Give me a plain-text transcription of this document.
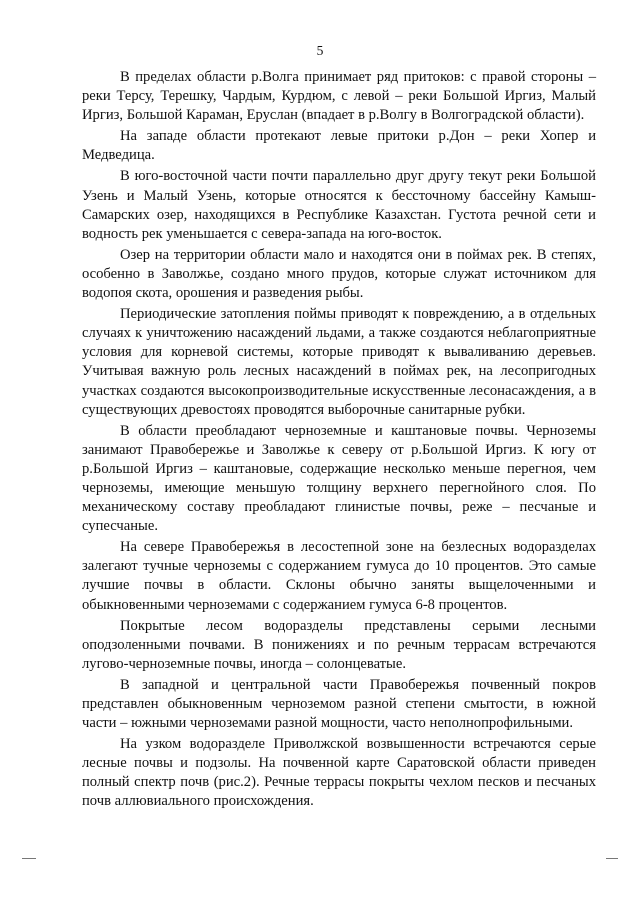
5

В пределах области р.Волга принимает ряд притоков: с правой стороны – реки Терсу, Терешку, Чардым, Курдюм, с левой – реки Большой Иргиз, Малый Иргиз, Большой Караман, Еруслан (впадает в р.Волгу в Волгоградской области).

На западе области протекают левые притоки р.Дон – реки Хопер и Медведица.

В юго-восточной части почти параллельно друг другу текут реки Большой Узень и Малый Узень, которые относятся к бессточному бассейну Камыш-Самарских озер, находящихся в Республике Казахстан. Густота речной сети и водность рек уменьшается с севера-запада на юго-восток.

Озер на территории области мало и находятся они в поймах рек. В степях, особенно в Заволжье, создано много прудов, которые служат источником для водопоя скота, орошения и разведения рыбы.

Периодические затопления поймы приводят к повреждению, а в отдельных случаях к уничтожению насаждений льдами, а также создаются неблагоприятные условия для корневой системы, которые приводят к вываливанию деревьев. Учитывая важную роль лесных насаждений в поймах рек, на лесопригодных участках создаются высокопроизводительные искусственные лесонасаждения, а в существующих древостоях проводятся выборочные санитарные рубки.

В области преобладают черноземные и каштановые почвы. Черноземы занимают Правобережье и Заволжье к северу от р.Большой Иргиз. К югу от р.Большой Иргиз – каштановые, содержащие несколько меньше перегноя, чем черноземы, имеющие меньшую толщину верхнего перегнойного слоя. По механическому составу преобладают глинистые почвы, реже – песчаные и супесчаные.

На севере Правобережья в лесостепной зоне на безлесных водоразделах залегают тучные черноземы с содержанием гумуса до 10 процентов. Это самые лучшие почвы в области. Склоны обычно заняты выщелоченными и обыкновенными черноземами с содержанием гумуса 6-8 процентов.

Покрытые лесом водоразделы представлены серыми лесными оподзоленными почвами. В понижениях и по речным террасам встречаются лугово-черноземные почвы, иногда – солонцеватые.

В западной и центральной части Правобережья почвенный покров представлен обыкновенным черноземом разной степени смытости, в южной части – южными черноземами разной мощности, часто неполнопрофильными.

На узком водоразделе Приволжской возвышенности встречаются серые лесные почвы и подзолы. На почвенной карте Саратовской области приведен полный спектр почв (рис.2). Речные террасы покрыты чехлом песков и песчаных почв аллювиального происхождения.
